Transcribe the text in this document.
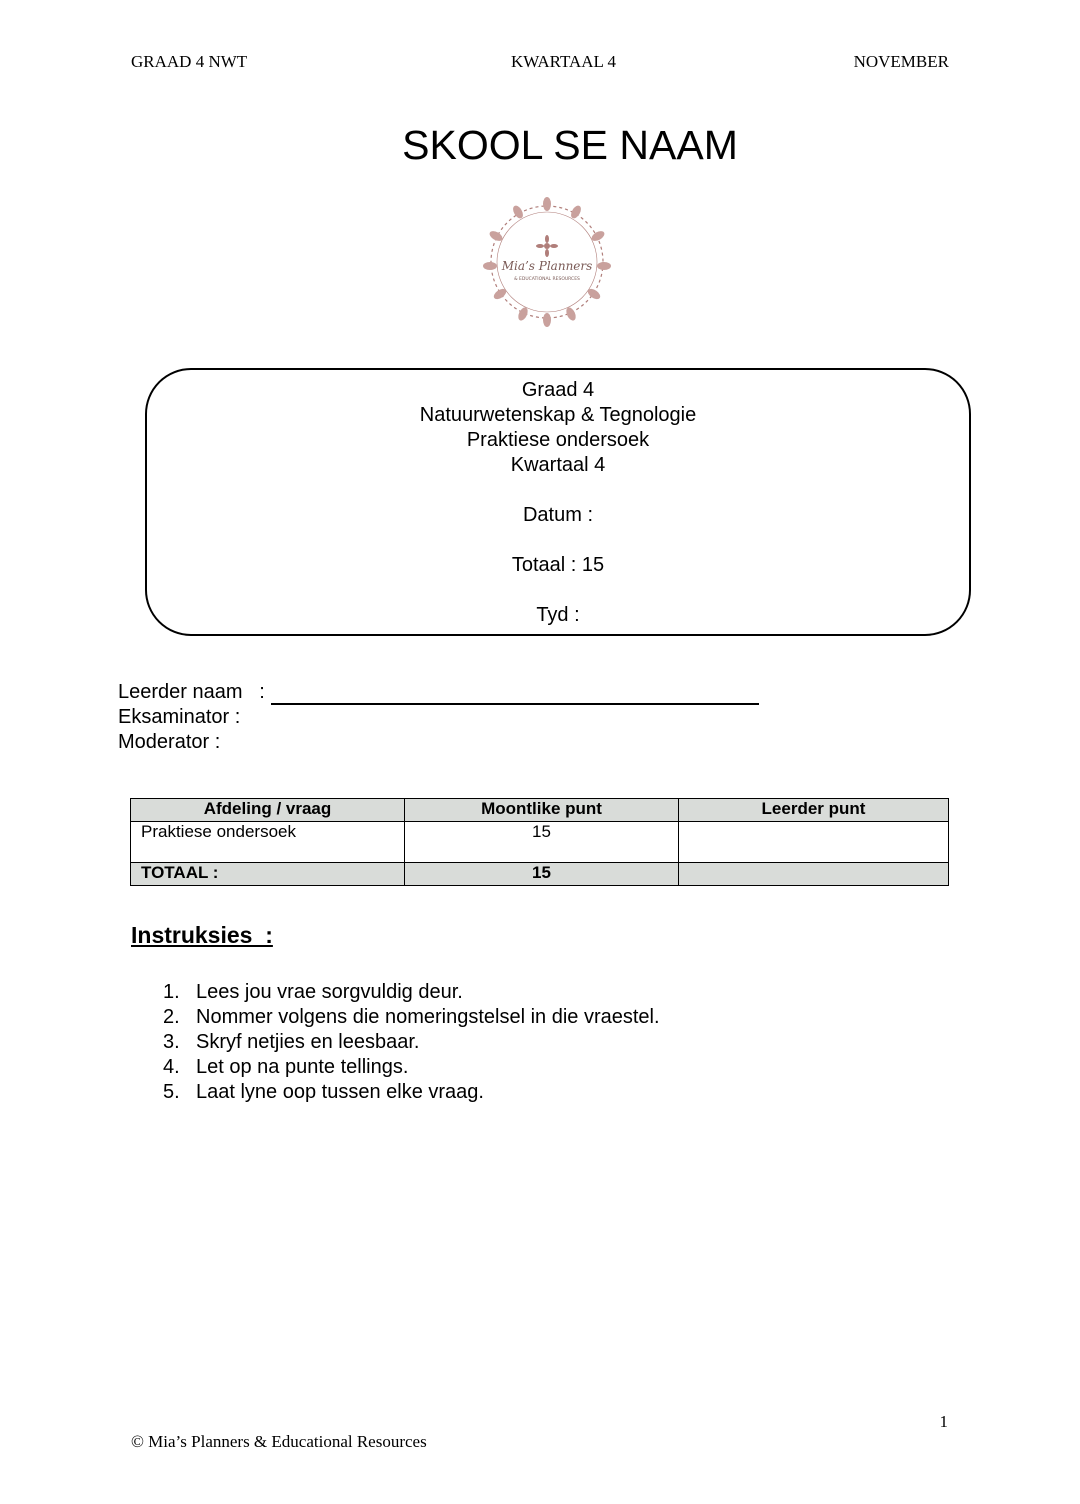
GRAAD 4 NWT	KWARTAAL 4	NOVEMBER
SKOOL SE NAAM
Mia’s Planners
& EDUCATIONAL RESOURCES
Graad 4
Natuurwetenskap & Tegnologie
Praktiese ondersoek
Kwartaal 4
Datum :
Totaal : 15
Tyd :
Leerder naam   :
Eksaminator :
Moderator :
Afdeling / vraag	Moontlike punt	Leerder punt
Praktiese ondersoek	15	
TOTAAL :	15	
Instruksies  :
1. Lees jou vrae sorgvuldig deur.
2. Nommer volgens die nomeringstelsel in die vraestel.
3. Skryf netjies en leesbaar.
4. Let op na punte tellings.
5. Laat lyne oop tussen elke vraag.
1
© Mia’s Planners & Educational Resources
